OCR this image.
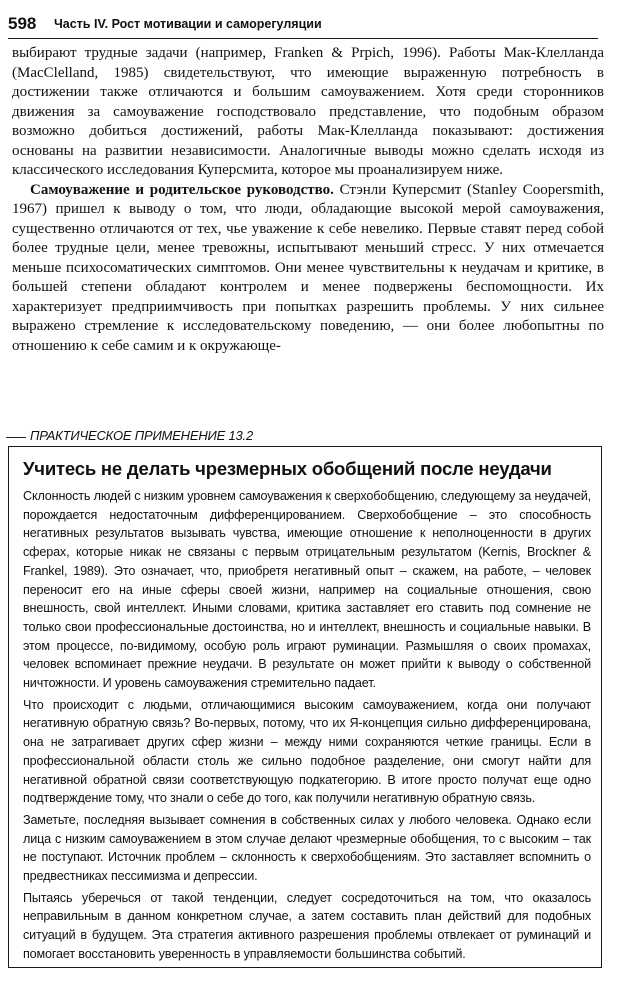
598 Часть IV. Рост мотивации и саморегуляции

выбирают трудные задачи (например, Franken & Prpich, 1996). Работы Мак-Клелланда (MacClelland, 1985) свидетельствуют, что имеющие выраженную потребность в достижении также отличаются и большим самоуважением. Хотя среди сторонников движения за самоуважение господствовало представление, что подобным образом возможно добиться достижений, работы Мак-Клелланда показывают: достижения основаны на развитии независимости. Аналогичные выводы можно сделать исходя из классического исследования Куперсмита, которое мы проанализируем ниже.

Самоуважение и родительское руководство. Стэнли Куперсмит (Stanley Coopersmith, 1967) пришел к выводу о том, что люди, обладающие высокой мерой самоуважения, существенно отличаются от тех, чье уважение к себе невелико. Первые ставят перед собой более трудные цели, менее тревожны, испытывают меньший стресс. У них отмечается меньше психосоматических симптомов. Они менее чувствительны к неудачам и критике, в большей степени обладают контролем и менее подвержены беспомощности. Их характеризует предприимчивость при попытках разрешить проблемы. У них сильнее выражено стремление к исследовательскому поведению, — они более любопытны по отношению к себе самим и к окружающе-

ПРАКТИЧЕСКОЕ ПРИМЕНЕНИЕ 13.2
Учитесь не делать чрезмерных обобщений после неудачи

Склонность людей с низким уровнем самоуважения к сверхобобщению, следующему за неудачей, порождается недостаточным дифференцированием. Сверхобобщение – это способность негативных результатов вызывать чувства, имеющие отношение к неполноценности в других сферах, которые никак не связаны с первым отрицательным результатом (Kernis, Brockner & Frankel, 1989). Это означает, что, приобретя негативный опыт – скажем, на работе, – человек переносит его на иные сферы своей жизни, например на социальные отношения, свою внешность, свой интеллект. Иными словами, критика заставляет его ставить под сомнение не только свои профессиональные достоинства, но и интеллект, внешность и социальные навыки. В этом процессе, по-видимому, особую роль играют руминации. Размышляя о своих промахах, человек вспоминает прежние неудачи. В результате он может прийти к выводу о собственной ничтожности. И уровень самоуважения стремительно падает.

Что происходит с людьми, отличающимися высоким самоуважением, когда они получают негативную обратную связь? Во-первых, потому, что их Я-концепция сильно дифференцирована, она не затрагивает других сфер жизни – между ними сохраняются четкие границы. Если в профессиональной области столь же сильно подобное разделение, они смогут найти для негативной обратной связи соответствующую подкатегорию. В итоге просто получат еще одно подтверждение тому, что знали о себе до того, как получили негативную обратную связь.

Заметьте, последняя вызывает сомнения в собственных силах у любого человека. Однако если лица с низким самоуважением в этом случае делают чрезмерные обобщения, то с высоким – так не поступают. Источник проблем – склонность к сверхобобщениям. Это заставляет вспомнить о предвестниках пессимизма и депрессии.

Пытаясь уберечься от такой тенденции, следует сосредоточиться на том, что оказалось неправильным в данном конкретном случае, а затем составить план действий для подобных ситуаций в будущем. Эта стратегия активного разрешения проблемы отвлекает от руминаций и помогает восстановить уверенность в управляемости большинства событий.
